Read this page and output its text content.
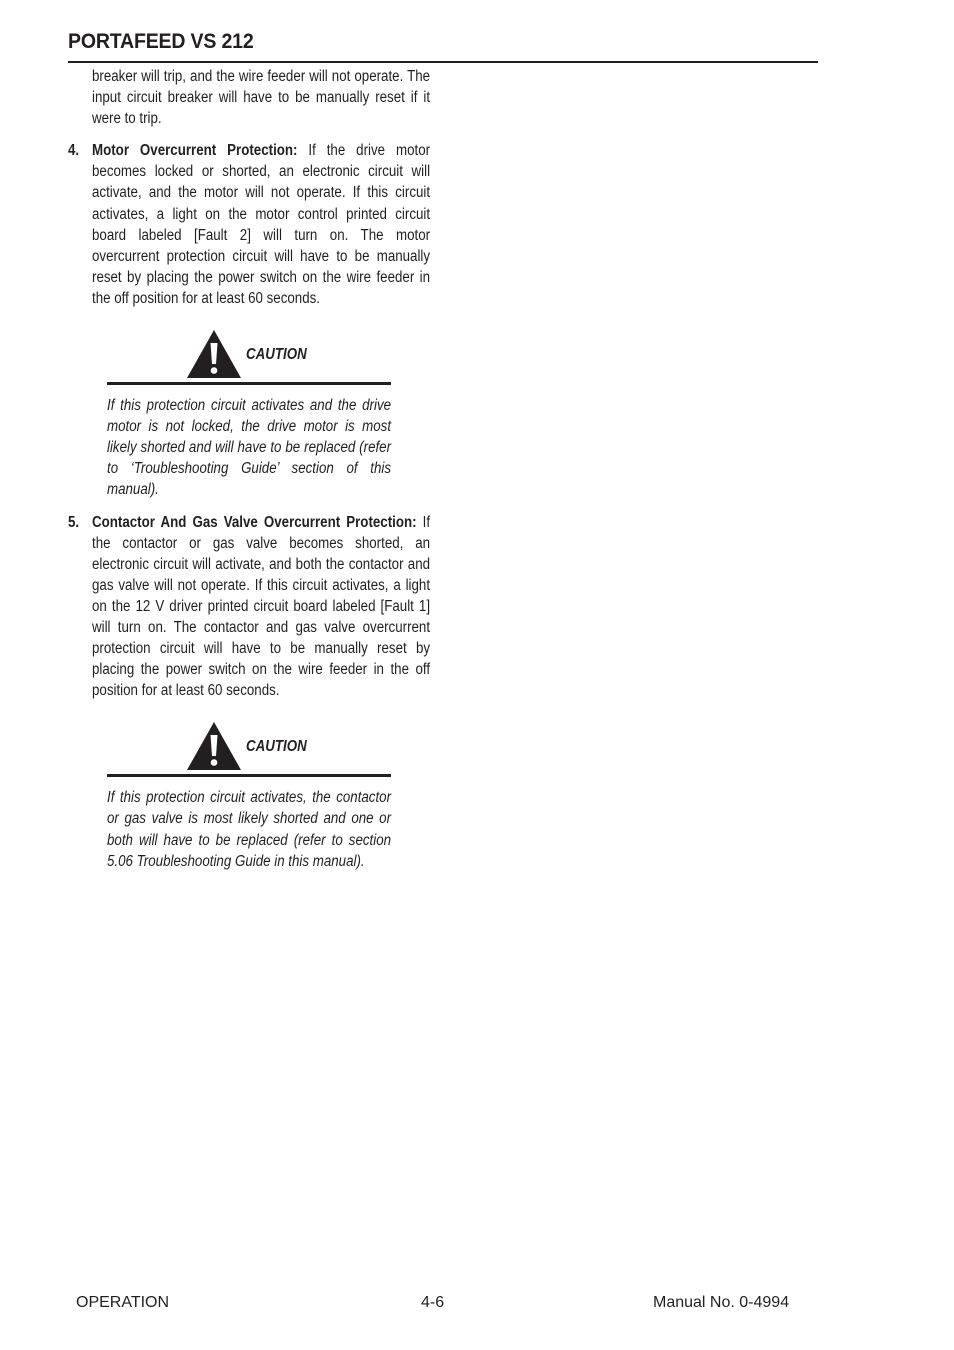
PORTAFEED VS 212

breaker will trip, and the wire feeder will not operate. The input circuit breaker will have to be manually reset if it were to trip.

4. Motor Overcurrent Protection: If the drive motor becomes locked or shorted, an electronic circuit will activate, and the motor will not operate. If this circuit activates, a light on the motor control printed circuit board labeled [Fault 2] will turn on. The motor overcurrent protection circuit will have to be manually reset by placing the power switch on the wire feeder in the off position for at least 60 seconds.

CAUTION

If this protection circuit activates and the drive motor is not locked, the drive motor is most likely shorted and will have to be replaced (refer to ‘Troubleshooting Guide’ section of this manual).

5. Contactor And Gas Valve Overcurrent Protection: If the contactor or gas valve becomes shorted, an electronic circuit will activate, and both the contactor and gas valve will not operate. If this circuit activates, a light on the 12 V driver printed circuit board labeled [Fault 1] will turn on. The contactor and gas valve overcurrent protection circuit will have to be manually reset by placing the power switch on the wire feeder in the off position for at least 60 seconds.

CAUTION

If this protection circuit activates, the contactor or gas valve is most likely shorted and one or both will have to be replaced (refer to section 5.06 Troubleshooting Guide in this manual).

OPERATION	4-6	Manual No. 0-4994
